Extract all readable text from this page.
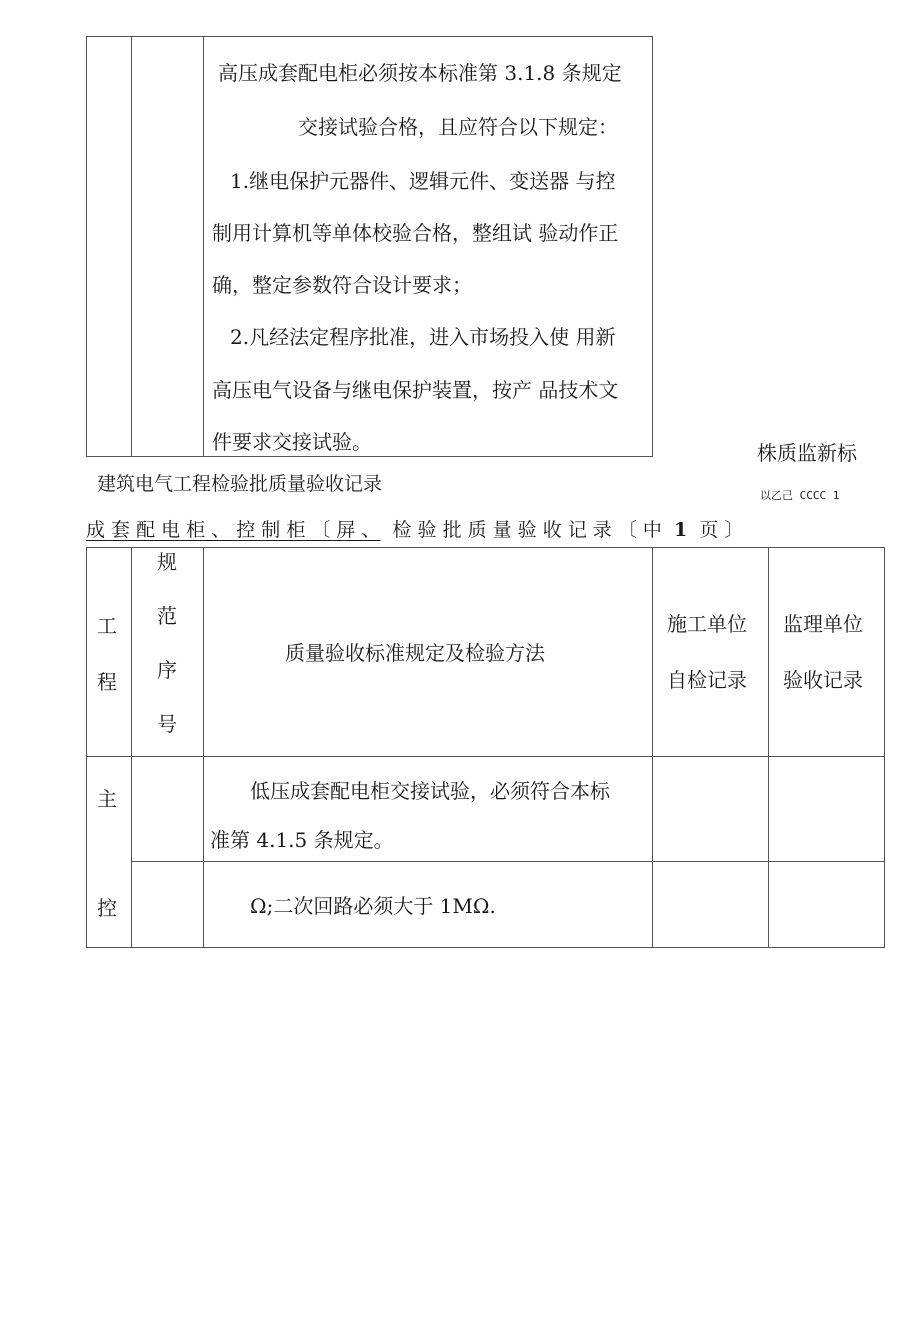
高压成套配电柜必须按本标准第 3.1.8 条规定
交接试验合格，且应符合以下规定：
1.继电保护元器件、逻辑元件、变送器 与控
制用计算机等单体校验合格，整组试 验动作正
确，整定参数符合设计要求；
2.凡经法定程序批准，进入市场投入使 用新
高压电气设备与继电保护装置，按产 品技术文
件要求交接试验。	株质监新标
以乙己 CCCC 1
建筑电气工程检验批质量验收记录
成 套 配 电 柜 、 控 制 柜 〔 屏 、 检 验 批 质 量 验 收 记 录 〔 中 1 页 〕
工
程
规
范
序
号
质量验收标准规定及检验方法
施工单位
自检记录
监理单位
验收记录
主
控
低压成套配电柜交接试验，必须符合本标
准第 4.1.5 条规定。
Ω;二次回路必须大于 1MΩ.
